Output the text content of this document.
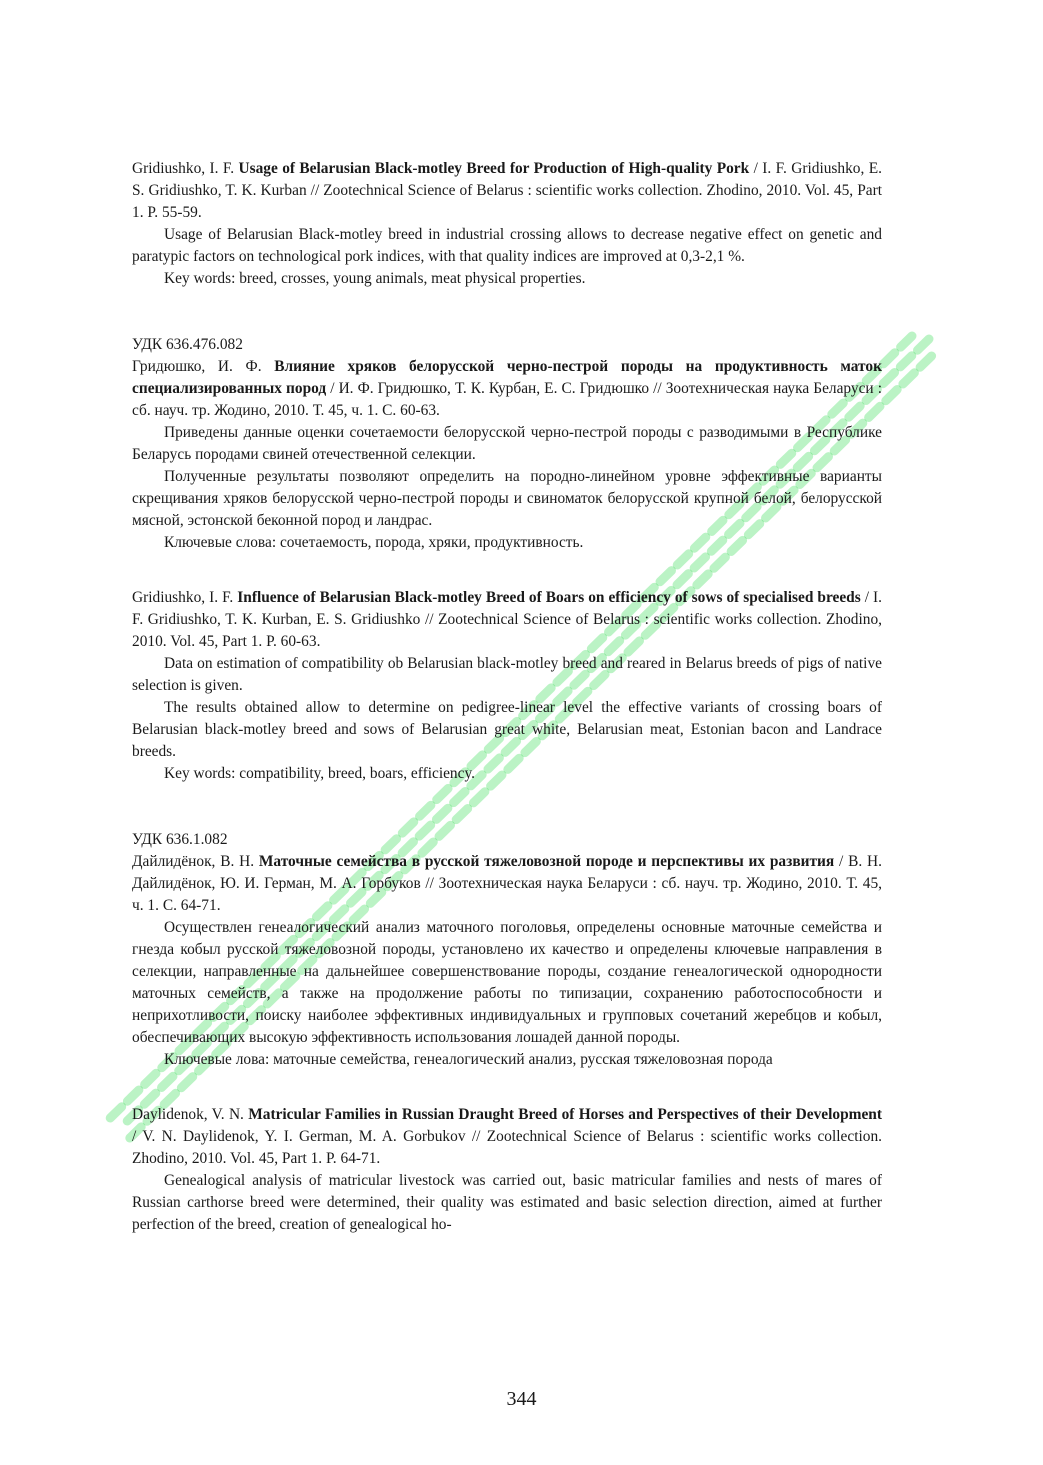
Gridiushko, I. F. Usage of Belarusian Black-motley Breed for Production of High-quality Pork / I. F. Gridiushko, E. S. Gridiushko, T. K. Kurban // Zootechnical Science of Belarus : scientific works collection. Zhodino, 2010. Vol. 45, Part 1. P. 55-59.

Usage of Belarusian Black-motley breed in industrial crossing allows to decrease negative effect on genetic and paratypic factors on technological pork indices, with that quality indices are improved at 0,3-2,1 %.

Key words: breed, crosses, young animals, meat physical properties.

УДК 636.476.082

Гридюшко, И. Ф. Влияние хряков белорусской черно-пестрой породы на продуктивность маток специализированных пород / И. Ф. Гридюшко, Т. К. Курбан, Е. С. Гридюшко // Зоотехническая наука Беларуси : сб. науч. тр. Жодино, 2010. Т. 45, ч. 1. С. 60-63.

Приведены данные оценки сочетаемости белорусской черно-пестрой породы с разводимыми в Республике Беларусь породами свиней отечественной селекции.

Полученные результаты позволяют определить на породно-линейном уровне эффективные варианты скрещивания хряков белорусской черно-пестрой породы и свиноматок белорусской крупной белой, белорусской мясной, эстонской беконной пород и ландрас.

Ключевые слова: сочетаемость, порода, хряки, продуктивность.

Gridiushko, I. F. Influence of Belarusian Black-motley Breed of Boars on efficiency of sows of specialised breeds / I. F. Gridiushko, T. K. Kurban, E. S. Gridiushko // Zootechnical Science of Belarus : scientific works collection. Zhodino, 2010. Vol. 45, Part 1. P. 60-63.

Data on estimation of compatibility ob Belarusian black-motley breed and reared in Belarus breeds of pigs of native selection is given.

The results obtained allow to determine on pedigree-linear level the effective variants of crossing boars of Belarusian black-motley breed and sows of Belarusian great white, Belarusian meat, Estonian bacon and Landrace breeds.

Key words: compatibility, breed, boars, efficiency.

УДК 636.1.082

Дайлидёнок, В. Н. Маточные семейства в русской тяжеловозной породе и перспективы их развития / В. Н. Дайлидёнок, Ю. И. Герман, М. А. Горбуков // Зоотехническая наука Беларуси : сб. науч. тр. Жодино, 2010. Т. 45, ч. 1. С. 64-71.

Осуществлен генеалогический анализ маточного поголовья, определены основные маточные семейства и гнезда кобыл русской тяжеловозной породы, установлено их качество и определены ключевые направления в селекции, направленные на дальнейшее совершенствование породы, создание генеалогической однородности маточных семейств, а также на продолжение работы по типизации, сохранению работоспособности и неприхотливости, поиску наиболее эффективных индивидуальных и групповых сочетаний жеребцов и кобыл, обеспечивающих высокую эффективность использования лошадей данной породы.

Ключевые лова: маточные семейства, генеалогический анализ, русская тяжеловозная порода

Daylidenok, V. N. Matricular Families in Russian Draught Breed of Horses and Perspectives of their Development / V. N. Daylidenok, Y. I. German, M. A. Gorbukov // Zootechnical Science of Belarus : scientific works collection. Zhodino, 2010. Vol. 45, Part 1. P. 64-71.

Genealogical analysis of matricular livestock was carried out, basic matricular families and nests of mares of Russian carthorse breed were determined, their quality was estimated and basic selection direction, aimed at further perfection of the breed, creation of genealogical ho-

344
